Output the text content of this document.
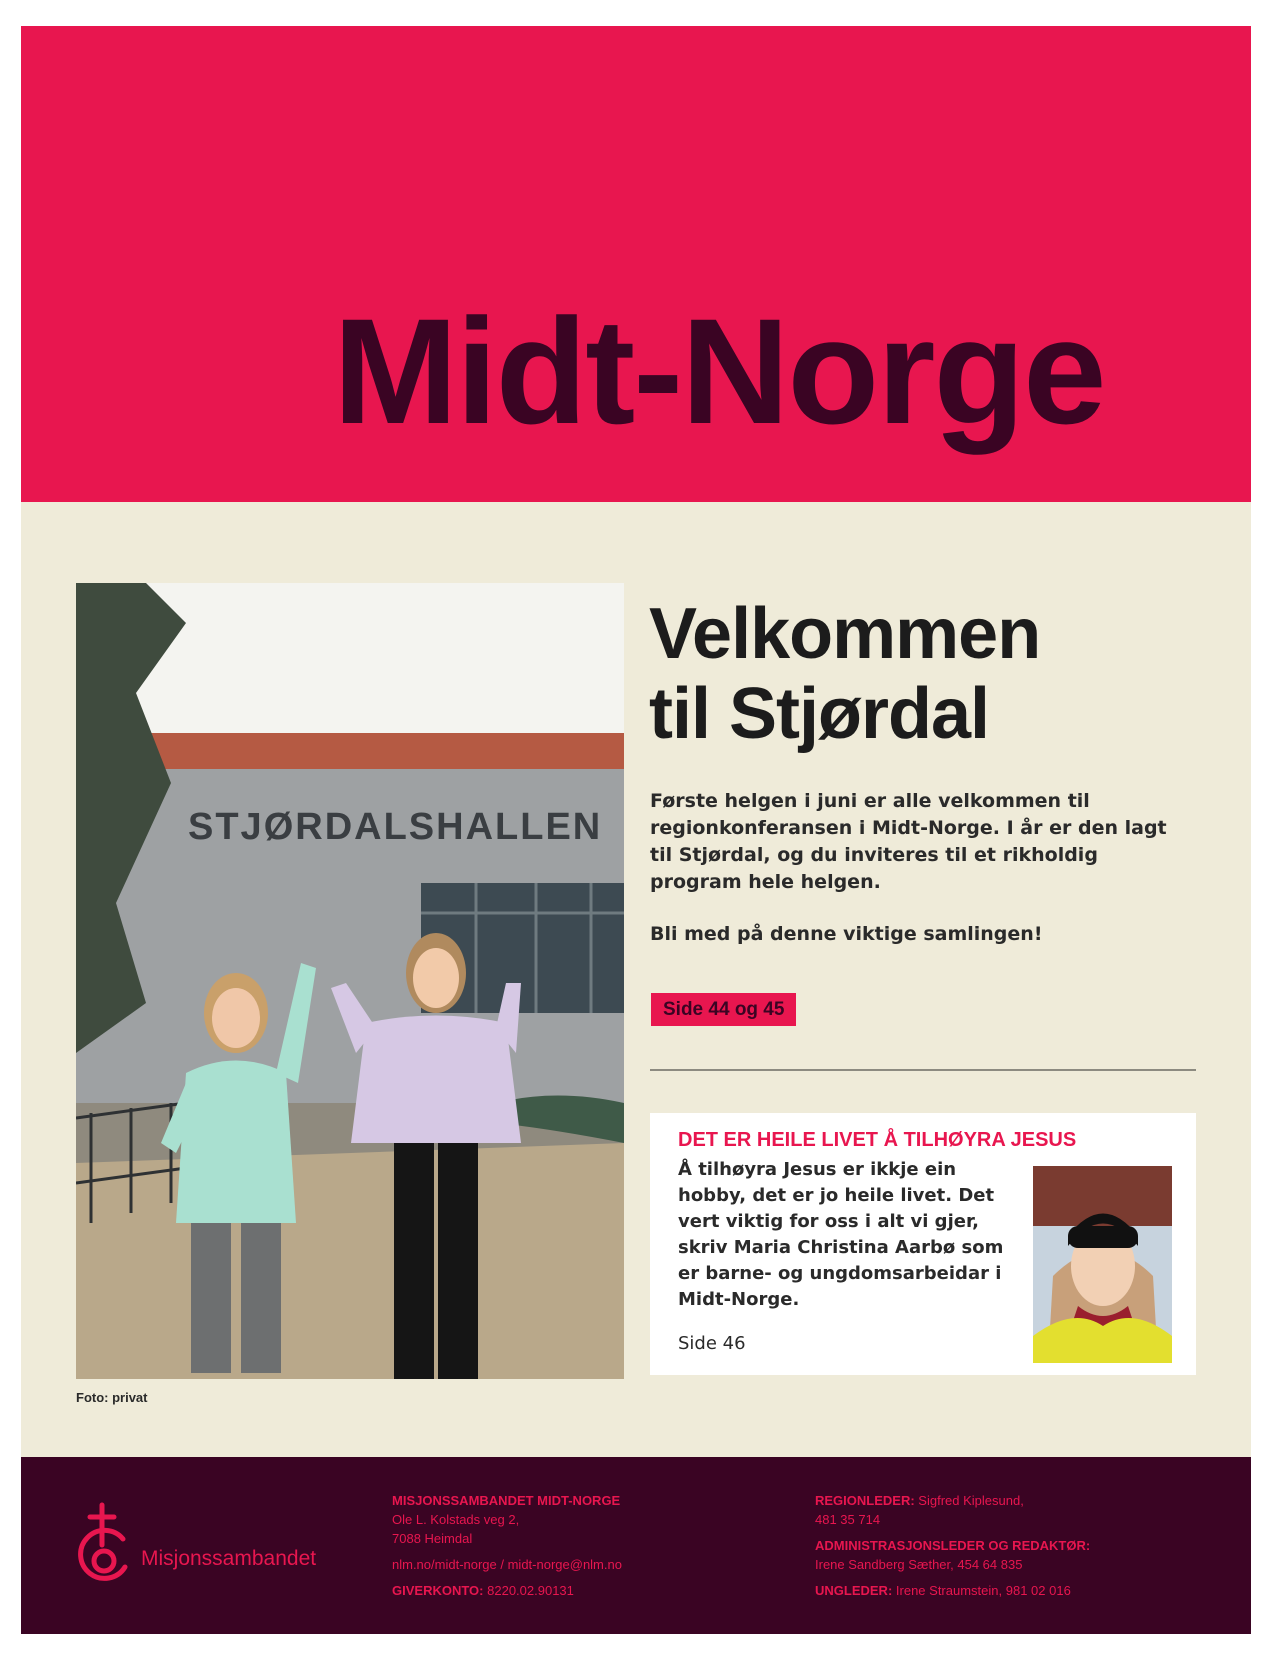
Midt-Norge
STJØRDALSHALLEN
Foto: privat
Velkommen
til Stjørdal

Første helgen i juni er alle velkommen til regionkonferansen i Midt-Norge. I år er den lagt til Stjørdal, og du inviteres til et rikholdig program hele helgen.

Bli med på denne viktige samlingen!

Side 44 og 45
DET ER HEILE LIVET Å TILHØYRA JESUS
Å tilhøyra Jesus er ikkje ein hobby, det er jo heile livet. Det vert viktig for oss i alt vi gjer, skriv Maria Christina Aarbø som er barne- og ungdomsarbeidar i Midt-Norge.
Side 46
Misjonssambandet
MISJONSSAMBANDET MIDT-NORGE
Ole L. Kolstads veg 2,
7088 Heimdal
nlm.no/midt-norge / midt-norge@nlm.no
GIVERKONTO: 8220.02.90131
REGIONLEDER: Sigfred Kiplesund,
481 35 714
ADMINISTRASJONSLEDER OG REDAKTØR:
Irene Sandberg Sæther, 454 64 835
UNGLEDER: Irene Straumstein, 981 02 016
